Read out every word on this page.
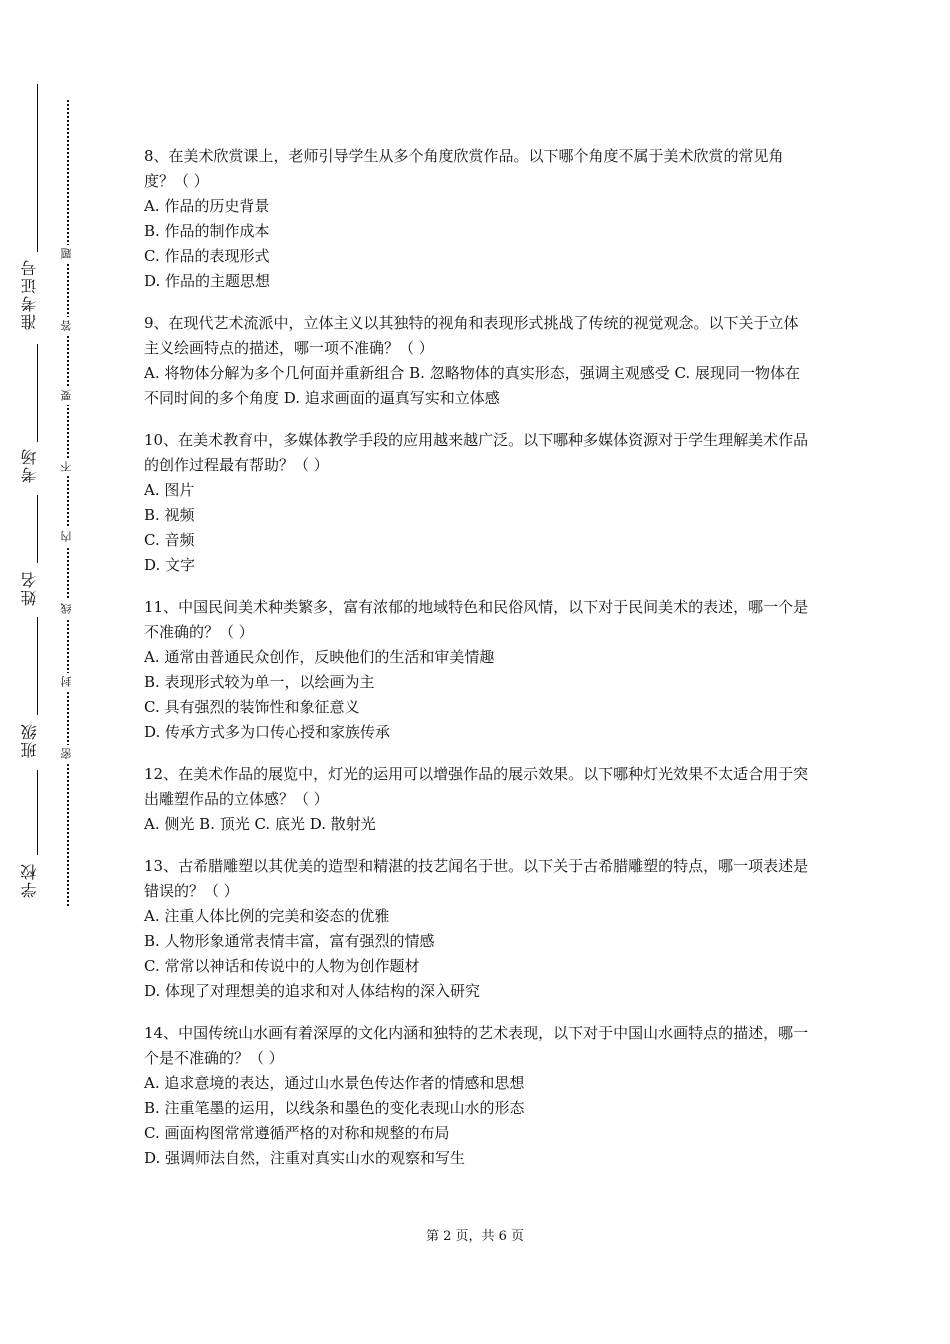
准考证号
考场
姓名
班级
学校
题
答
要
不
内
线
封
密

8、在美术欣赏课上，老师引导学生从多个角度欣赏作品。以下哪个角度不属于美术欣赏的常见角度？（ ）

A. 作品的历史背景

B. 作品的制作成本

C. 作品的表现形式

D. 作品的主题思想

9、在现代艺术流派中，立体主义以其独特的视角和表现形式挑战了传统的视觉观念。以下关于立体主义绘画特点的描述，哪一项不准确？（ ）

A. 将物体分解为多个几何面并重新组合 B. 忽略物体的真实形态，强调主观感受 C. 展现同一物体在不同时间的多个角度 D. 追求画面的逼真写实和立体感

10、在美术教育中，多媒体教学手段的应用越来越广泛。以下哪种多媒体资源对于学生理解美术作品的创作过程最有帮助？（ ）

A. 图片

B. 视频

C. 音频

D. 文字

11、中国民间美术种类繁多，富有浓郁的地域特色和民俗风情，以下对于民间美术的表述，哪一个是不准确的？（ ）

A. 通常由普通民众创作，反映他们的生活和审美情趣

B. 表现形式较为单一，以绘画为主

C. 具有强烈的装饰性和象征意义

D. 传承方式多为口传心授和家族传承

12、在美术作品的展览中，灯光的运用可以增强作品的展示效果。以下哪种灯光效果不太适合用于突出雕塑作品的立体感？（ ）

A. 侧光 B. 顶光 C. 底光 D. 散射光

13、古希腊雕塑以其优美的造型和精湛的技艺闻名于世。以下关于古希腊雕塑的特点，哪一项表述是错误的？（ ）

A. 注重人体比例的完美和姿态的优雅

B. 人物形象通常表情丰富，富有强烈的情感

C. 常常以神话和传说中的人物为创作题材

D. 体现了对理想美的追求和对人体结构的深入研究

14、中国传统山水画有着深厚的文化内涵和独特的艺术表现，以下对于中国山水画特点的描述，哪一个是不准确的？（ ）

A. 追求意境的表达，通过山水景色传达作者的情感和思想

B. 注重笔墨的运用，以线条和墨色的变化表现山水的形态

C. 画面构图常常遵循严格的对称和规整的布局

D. 强调师法自然，注重对真实山水的观察和写生

第 2 页，共 6 页
